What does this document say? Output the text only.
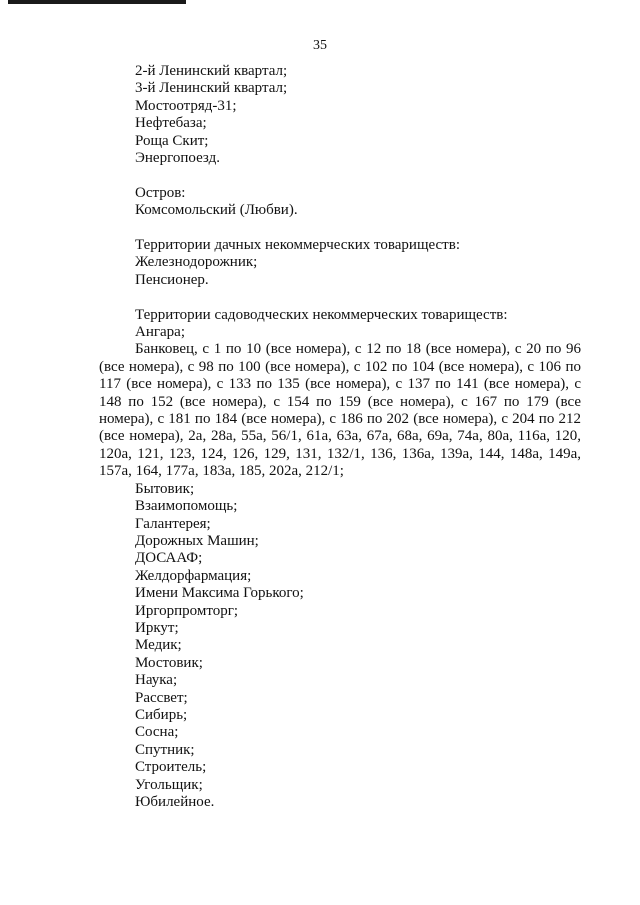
35
2-й Ленинский квартал;
3-й Ленинский квартал;
Мостоотряд-31;
Нефтебаза;
Роща Скит;
Энергопоезд.
Остров:
Комсомольский (Любви).
Территории дачных некоммерческих товариществ:
Железнодорожник;
Пенсионер.
Территории садоводческих некоммерческих товариществ:
Ангара;

Банковец, с 1 по 10 (все номера), с 12 по 18 (все номера), с 20 по 96 (все номера), с 98 по 100 (все номера), с 102 по 104 (все номера), с 106 по 117 (все номера), с 133 по 135 (все номера), с 137 по 141 (все номера), с 148 по 152 (все номера), с 154 по 159 (все номера), с 167 по 179 (все номера), с 181 по 184 (все номера), с 186 по 202 (все номера), с 204 по 212 (все номера), 2а, 28а, 55а, 56/1, 61а, 63а, 67а, 68а, 69а, 74а, 80а, 116а, 120, 120а, 121, 123, 124, 126, 129, 131, 132/1, 136, 136а, 139а, 144, 148а, 149а, 157а, 164, 177а, 183а, 185, 202а, 212/1;

Бытовик;
Взаимопомощь;
Галантерея;
Дорожных Машин;
ДОСААФ;
Желдорфармация;
Имени Максима Горького;
Иргорпромторг;
Иркут;
Медик;
Мостовик;
Наука;
Рассвет;
Сибирь;
Сосна;
Спутник;
Строитель;
Угольщик;
Юбилейное.
